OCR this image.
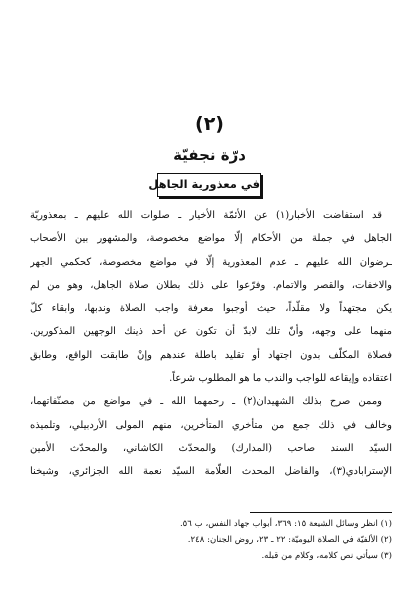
(٢)
درّة نجفيّة
في معذورية الجاهل
قد استفاضت الأخبار(١) عن الأئمّة الأخيار ـ صلوات الله عليهم ـ بمعذوريّة
الجاهل في جملة من الأحكام إلّا مواضع مخصوصة، والمشهور بين الأصحاب
ـرضوان الله عليهم ـ عدم المعذورية إلّا في مواضع مخصوصة، كحكمي الجهر
والاخفات، والقصر والاتمام. وفرّعوا على ذلك بطلان صلاة الجاهل، وهو من لم
يكن مجتهداً ولا مقلّداً، حيث أوجبوا معرفة واجب الصلاة وندبها، وابقاء كلّ
منهما على وجهه، وأنّ تلك لابدّ أن تكون عن أحد ذينك الوجهين المذكورين.
فصلاة المكلّف بدون اجتهاد أو تقليد باطلة عندهم وإنْ طابقت الواقع، وطابق
اعتقاده وإيقاعه للواجب والندب ما هو المطلوب شرعاً.
وممن صرح بذلك الشهيدان(٢) ـ رحمهما الله ـ في مواضع من مصنّفاتهما،
وخالف في ذلك جمع من متأخري المتأخرين، منهم المولى الأردبيلي، وتلميذه
السيّد السند صاحب (المدارك) والمحدّث الكاشاني، والمحدّث الأمين
الإسترابادي(٣)، والفاضل المحدث العلّامة السيّد نعمة الله الجزائري، وشيخنا
(١) انظر وسائل الشيعة ١٥: ٣٦٩، أبواب جهاد النفس، ب ٥٦.
(٢) الألفيّة في الصلاة اليوميّة: ٢٢ ـ ٢٣، روض الجنان: ٢٤٨.
(٣) سيأتي نص كلامه، وكلام من قبله.
